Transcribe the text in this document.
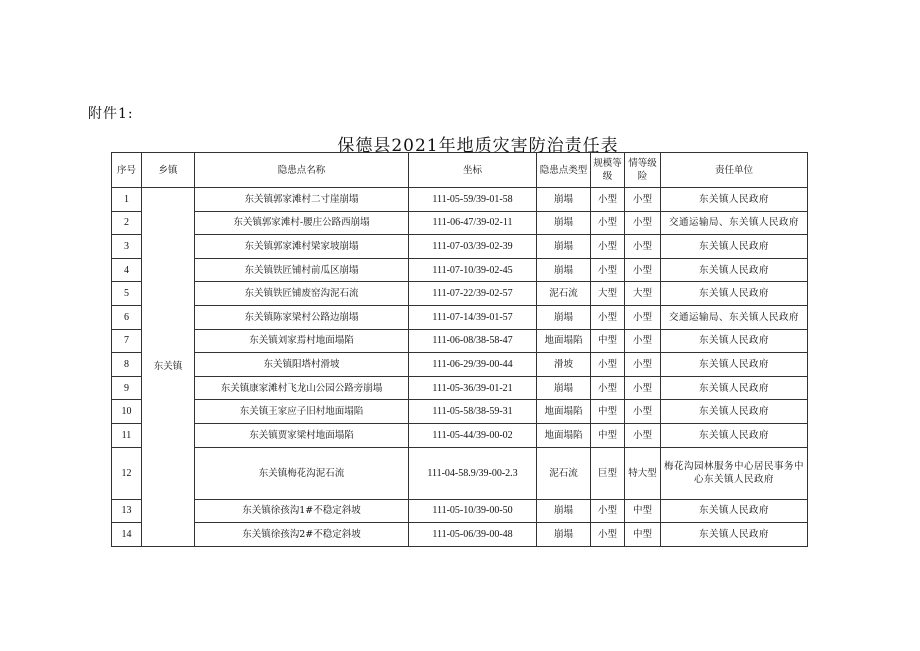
附件1:
保德县2021年地质灾害防治责任表
序号	乡镇	隐患点名称	坐标	隐患点类型	规模等级	情等级险	责任单位
1	东关镇	东关镇郭家滩村二寸崖崩塌	111-05-59/39-01-58	崩塌	小型	小型	东关镇人民政府
2		东关镇郭家滩村-腰庄公路西崩塌	111-06-47/39-02-11	崩塌	小型	小型	交通运输局、东关镇人民政府
3		东关镇郭家滩村梁家坡崩塌	111-07-03/39-02-39	崩塌	小型	小型	东关镇人民政府
4		东关镇铁匠铺村前瓜区崩塌	111-07-10/39-02-45	崩塌	小型	小型	东关镇人民政府
5		东关镇铁匠铺废窑沟泥石流	111-07-22/39-02-57	泥石流	大型	大型	东关镇人民政府
6		东关镇陈家梁村公路边崩塌	111-07-14/39-01-57	崩塌	小型	小型	交通运输局、东关镇人民政府
7		东关镇刘家焉村地面塌陷	111-06-08/38-58-47	地面塌陷	中型	小型	东关镇人民政府
8		东关镇阳塔村滑坡	111-06-29/39-00-44	滑坡	小型	小型	东关镇人民政府
9		东关镇康家滩村飞龙山公园公路旁崩塌	111-05-36/39-01-21	崩塌	小型	小型	东关镇人民政府
10		东关镇王家应子旧村地面塌陷	111-05-58/38-59-31	地面塌陷	中型	小型	东关镇人民政府
11		东关镇贾家梁村地面塌陷	111-05-44/39-00-02	地面塌陷	中型	小型	东关镇人民政府
12		东关镇梅花沟泥石流	111-04-58.9/39-00-2.3	泥石流	巨型	特大型	梅花沟园林服务中心居民事务中心东关镇人民政府
13		东关镇徐孩沟1#不稳定斜坡	111-05-10/39-00-50	崩塌	小型	中型	东关镇人民政府
14		东关镇徐孩沟2#不稳定斜坡	111-05-06/39-00-48	崩塌	小型	中型	东关镇人民政府
